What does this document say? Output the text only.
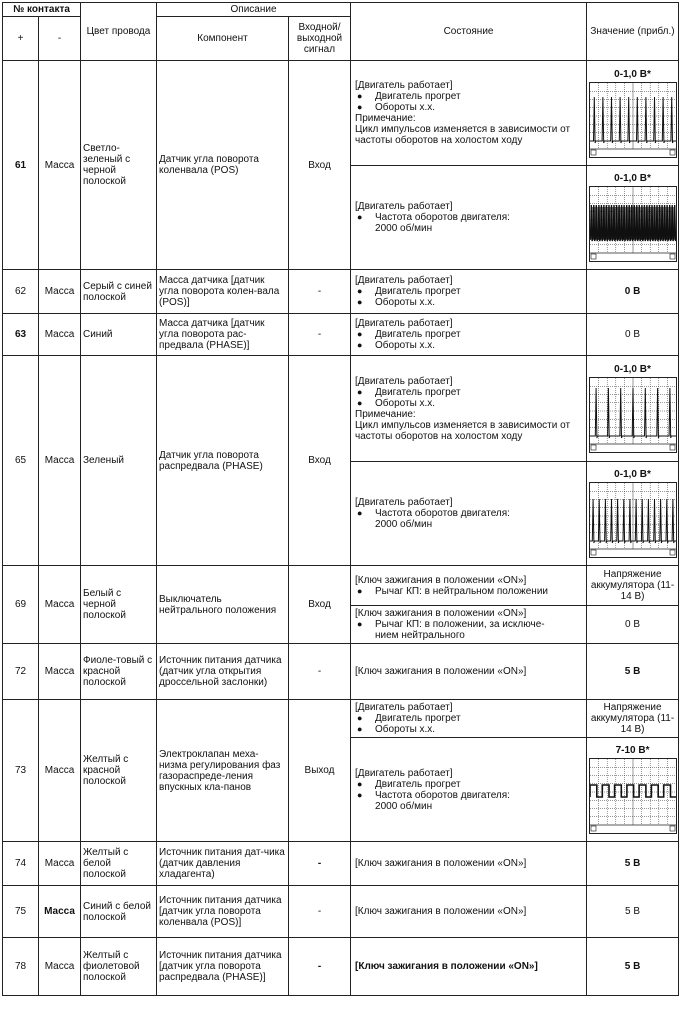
№ контакта		Цвет провода	Описание		Состояние	Значение (прибл.)
+	-		Компонент	Входной/ выходной сигнал		
61	Масса	Светло-зеленый с черной полоской	Датчик угла поворота коленвала (POS)	Вход	[Двигатель работает]
● Двигатель прогрет
● Обороты х.х.
Примечание:
Цикл импульсов изменяется в зависимости от частоты оборотов на холостом ходу	0-1,0 В*

					[Двигатель работает]
● Частота оборотов двигателя:
2000 об/мин	0-1,0 В*

62	Масса	Серый с синей полоской	Масса датчика [датчик угла поворота колен-вала (POS)]	-	[Двигатель работает]
● Двигатель прогрет
● Обороты х.х.	0 В
63	Масса	Синий	Масса датчика [датчик угла поворота рас-предвала (PHASE)]	-	[Двигатель работает]
● Двигатель прогрет
● Обороты х.х.	0 В
65	Масса	Зеленый	Датчик угла поворота распредвала (PHASE)	Вход	[Двигатель работает]
● Двигатель прогрет
● Обороты х.х.
Примечание:
Цикл импульсов изменяется в зависимости от частоты оборотов на холостом ходу	0-1,0 В*

					[Двигатель работает]
● Частота оборотов двигателя:
2000 об/мин	0-1,0 В*

69	Масса	Белый с черной полоской	Выключатель нейтрального положения	Вход	[Ключ зажигания в положении «ON»]
● Рычаг КП: в нейтральном положении	Напряжение аккумулятора (11-14 В)

					[Ключ зажигания в положении «ON»]
● Рычаг КП: в положении, за исключе-
нием нейтрального	0 В
72	Масса	Фиоле-товый с красной полоской	Источник питания датчика (датчик угла открытия дроссельной заслонки)	-	[Ключ зажигания в положении «ON»]	5 В
73	Масса	Желтый с красной полоской	Электроклапан меха-низма регулирования фаз газораспреде-ления впускных кла-панов	Выход	[Двигатель работает]
● Двигатель прогрет
● Обороты х.х.	Напряжение аккумулятора (11-14 В)

					[Двигатель работает]
● Двигатель прогрет
● Частота оборотов двигателя:
2000 об/мин	7-10 В*

74	Масса	Желтый с белой полоской	Источник питания дат-чика (датчик давления хладагента)	-	[Ключ зажигания в положении «ON»]	5 В
75	Масса	Синий с белой полоской	Источник питания датчика [датчик угла поворота коленвала (POS)]	-	[Ключ зажигания в положении «ON»]	5 В
78	Масса	Желтый с фиолетовой полоской	Источник питания датчика [датчик угла поворота распредвала (PHASE)]	-	[Ключ зажигания в положении «ON»]	5 В
